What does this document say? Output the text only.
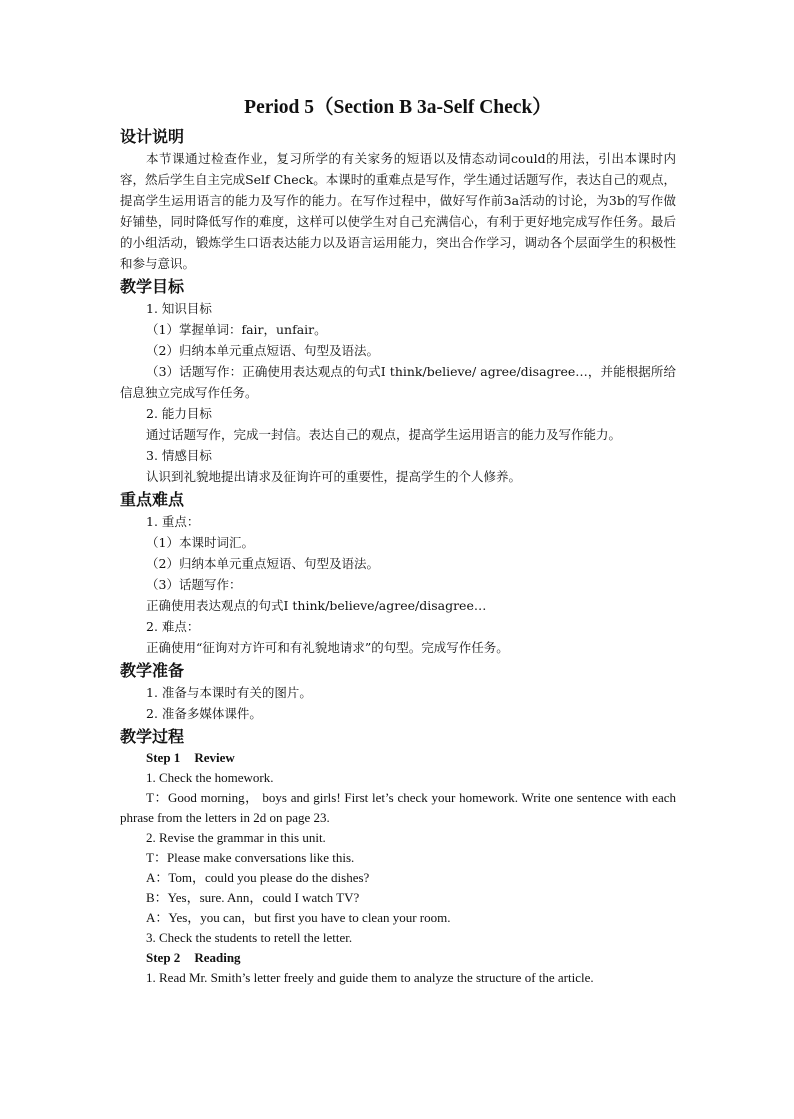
Period 5（Section B 3a-Self Check）
设计说明

本节课通过检查作业，复习所学的有关家务的短语以及情态动词could的用法，引出本课时内容，然后学生自主完成Self Check。本课时的重难点是写作，学生通过话题写作，表达自己的观点，提高学生运用语言的能力及写作的能力。在写作过程中，做好写作前3a活动的讨论，为3b的写作做好铺垫，同时降低写作的难度，这样可以使学生对自己充满信心，有利于更好地完成写作任务。最后的小组活动，锻炼学生口语表达能力以及语言运用能力，突出合作学习，调动各个层面学生的积极性和参与意识。

教学目标
1. 知识目标
（1）掌握单词：fair，unfair。
（2）归纳本单元重点短语、句型及语法。

（3）话题写作：正确使用表达观点的句式I think/believe/ agree/disagree…，并能根据所给信息独立完成写作任务。

2. 能力目标
通过话题写作，完成一封信。表达自己的观点，提高学生运用语言的能力及写作能力。
3. 情感目标
认识到礼貌地提出请求及征询许可的重要性，提高学生的个人修养。
重点难点
1. 重点：
（1）本课时词汇。
（2）归纳本单元重点短语、句型及语法。
（3）话题写作：
正确使用表达观点的句式I think/believe/agree/disagree…
2. 难点：
正确使用“征询对方许可和有礼貌地请求”的句型。完成写作任务。
教学准备
1. 准备与本课时有关的图片。
2. 准备多媒体课件。
教学过程
Step 1 Review
1. Check the homework.

T：Good morning， boys and girls! First let’s check your homework. Write one sentence with each phrase from the letters in 2d on page 23.

2. Revise the grammar in this unit.
T：Please make conversations like this.
A：Tom，could you please do the dishes?
B：Yes，sure. Ann，could I watch TV?
A：Yes，you can，but first you have to clean your room.
3. Check the students to retell the letter.
Step 2 Reading
1. Read Mr. Smith’s letter freely and guide them to analyze the structure of the article.
